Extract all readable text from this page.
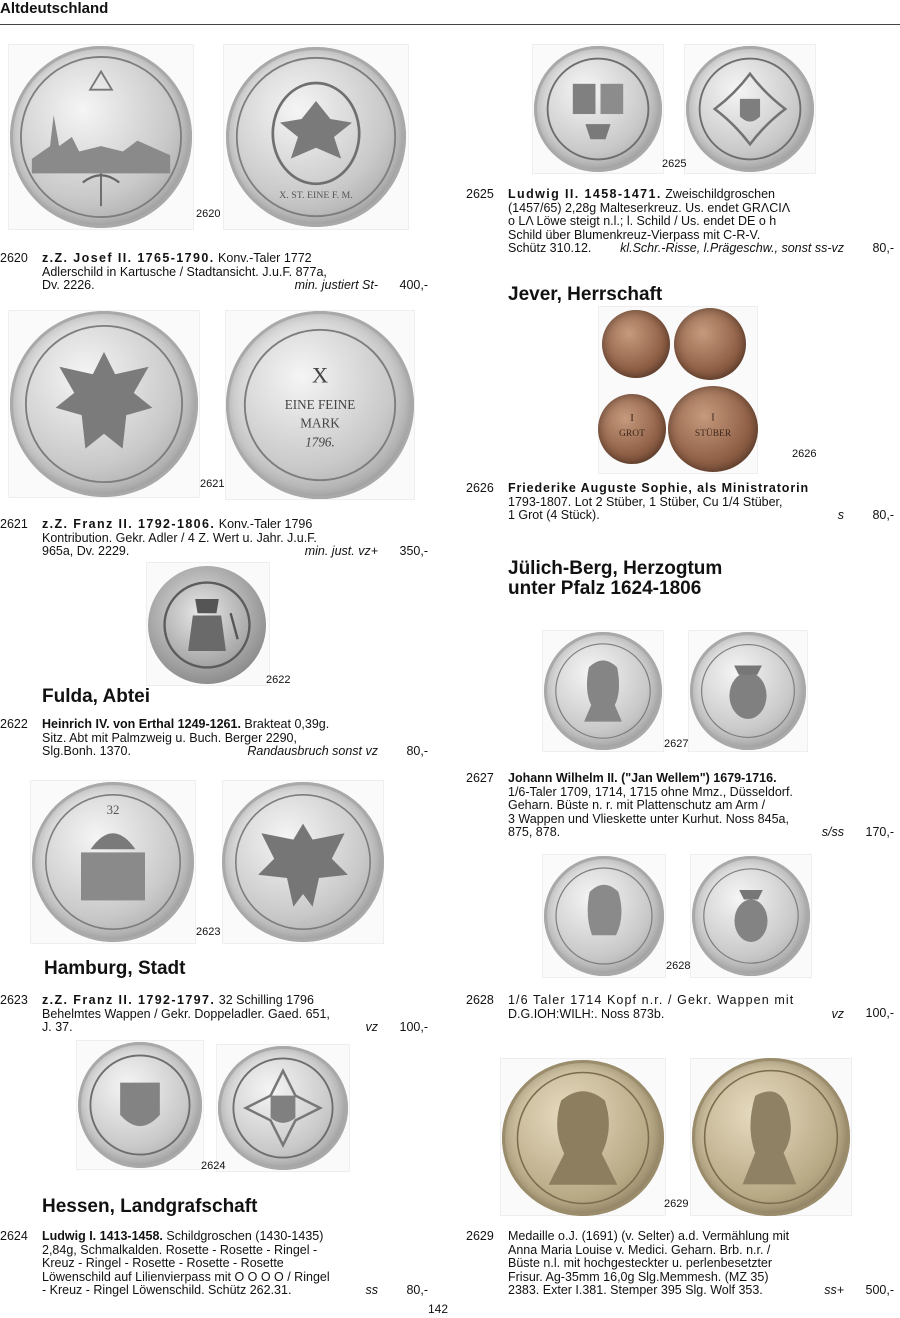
Altdeutschland
X. ST. EINE F. M.
2620
2620 z.Z. Josef II. 1765-1790. Konv.-Taler 1772
Adlerschild in Kartusche / Stadtansicht. J.u.F. 877a,
Dv. 2226.	min. justiert St-	400,-
X
EINE FEINE
MARK
1796.
2621
2621 z.Z. Franz II. 1792-1806. Konv.-Taler 1796
Kontribution. Gekr. Adler / 4 Z. Wert u. Jahr. J.u.F.
965a, Dv. 2229.	min. just. vz+	350,-
2622
Fulda, Abtei
2622 Heinrich IV. von Erthal 1249-1261. Brakteat 0,39g.
Sitz. Abt mit Palmzweig u. Buch. Berger 2290,
Slg.Bonh. 1370.	Randausbruch sonst vz	80,-
32
2623
Hamburg, Stadt
2623 z.Z. Franz II. 1792-1797. 32 Schilling 1796
Behelmtes Wappen / Gekr. Doppeladler. Gaed. 651,
J. 37.	vz	100,-
2624
Hessen, Landgrafschaft
2624 Ludwig I. 1413-1458. Schildgroschen (1430-1435)
2,84g, Schmalkalden. Rosette - Rosette - Ringel -
Kreuz - Ringel - Rosette - Rosette - Rosette
Löwenschild auf Lilienvierpass mit O O O O / Ringel
- Kreuz - Ringel Löwenschild. Schütz 262.31.	ss	80,-
2625
2625 Ludwig II. 1458-1471. Zweischildgroschen
(1457/65) 2,28g Malteserkreuz. Us. endet GRΛCIΛ
o LΛ Löwe steigt n.l.; l. Schild / Us. endet DE o h
Schild über Blumenkreuz-Vierpass mit C-R-V.
Schütz 310.12. kl.Schr.-Risse, l.Prägeschw., sonst ss-vz	80,-
Jever, Herrschaft
I
GROT
I
STÜBER
2626
2626 Friederike Auguste Sophie, als Ministratorin
1793-1807. Lot 2 Stüber, 1 Stüber, Cu 1/4 Stüber,
1 Grot (4 Stück).	s	80,-
Jülich-Berg, Herzogtum
unter Pfalz 1624-1806
2627
2627 Johann Wilhelm II. ("Jan Wellem") 1679-1716.
1/6-Taler 1709, 1714, 1715 ohne Mmz., Düsseldorf.
Geharn. Büste n. r. mit Plattenschutz am Arm /
3 Wappen und Vlieskette unter Kurhut. Noss 845a,
875, 878.	s/ss	170,-
2628
2628 1/6 Taler 1714 Kopf n.r. / Gekr. Wappen mit
D.G.IOH:WILH:. Noss 873b.	vz	100,-
2629
2629 Medaille o.J. (1691) (v. Selter) a.d. Vermählung mit
Anna Maria Louise v. Medici. Geharn. Brb. n.r. /
Büste n.l. mit hochgesteckter u. perlenbesetzter
Frisur. Ag-35mm 16,0g Slg.Memmesh. (MZ 35)
2383. Exter I.381. Stemper 395 Slg. Wolf 353.	ss+	500,-
142
